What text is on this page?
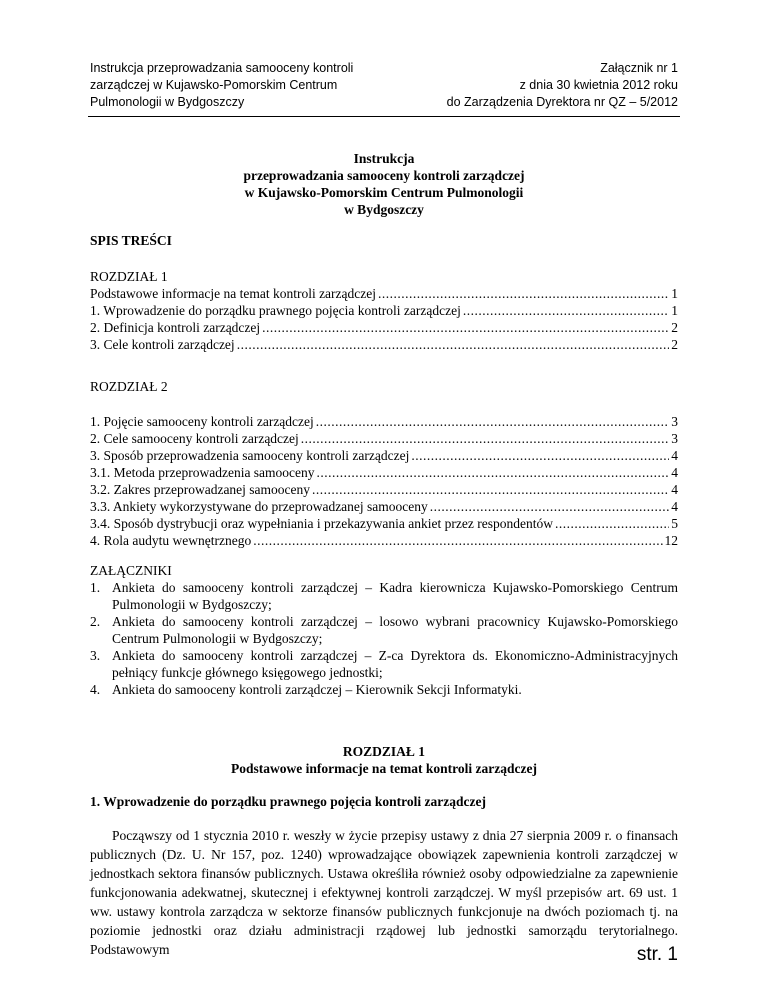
Instrukcja przeprowadzania samooceny kontroli
zarządczej w Kujawsko-Pomorskim Centrum
Pulmonologii w Bydgoszczy
Załącznik nr 1
z dnia 30 kwietnia 2012 roku
do Zarządzenia Dyrektora nr QZ – 5/2012
Instrukcja
przeprowadzania samooceny kontroli zarządczej
w Kujawsko-Pomorskim Centrum Pulmonologii
w Bydgoszczy
SPIS TREŚCI
ROZDZIAŁ 1
Podstawowe informacje na temat kontroli zarządczej .....	1
1. Wprowadzenie do porządku prawnego pojęcia kontroli zarządczej .....	1
2. Definicja kontroli zarządczej .....	2
3. Cele kontroli zarządczej .....	2
ROZDZIAŁ 2
1. Pojęcie samooceny kontroli zarządczej .....	3
2. Cele samooceny kontroli zarządczej .....	3
3. Sposób przeprowadzenia samooceny kontroli zarządczej .....	4
3.1. Metoda przeprowadzenia samooceny .....	4
3.2. Zakres przeprowadzanej samooceny .....	4
3.3. Ankiety wykorzystywane do przeprowadzanej samooceny .....	4
3.4. Sposób dystrybucji oraz wypełniania i przekazywania ankiet przez respondentów .....	5
4. Rola audytu wewnętrznego .....	12
ZAŁĄCZNIKI
1. Ankieta do samooceny kontroli zarządczej – Kadra kierownicza Kujawsko-Pomorskiego Centrum Pulmonologii w Bydgoszczy;
2. Ankieta do samooceny kontroli zarządczej – losowo wybrani pracownicy Kujawsko-Pomorskiego Centrum Pulmonologii w Bydgoszczy;
3. Ankieta do samooceny kontroli zarządczej – Z-ca Dyrektora ds. Ekonomiczno-Administracyjnych pełniący funkcje głównego księgowego jednostki;
4. Ankieta do samooceny kontroli zarządczej – Kierownik Sekcji Informatyki.
ROZDZIAŁ 1
Podstawowe informacje na temat kontroli zarządczej
1. Wprowadzenie do porządku prawnego pojęcia kontroli zarządczej

Począwszy od 1 stycznia 2010 r. weszły w życie przepisy ustawy z dnia 27 sierpnia 2009 r. o finansach publicznych (Dz. U. Nr 157, poz. 1240) wprowadzające obowiązek zapewnienia kontroli zarządczej w jednostkach sektora finansów publicznych. Ustawa określiła również osoby odpowiedzialne za zapewnienie funkcjonowania adekwatnej, skutecznej i efektywnej kontroli zarządczej. W myśl przepisów art. 69 ust. 1 ww. ustawy kontrola zarządcza w sektorze finansów publicznych funkcjonuje na dwóch poziomach tj. na poziomie jednostki oraz działu administracji rządowej lub jednostki samorządu terytorialnego. Podstawowym	str. 1
